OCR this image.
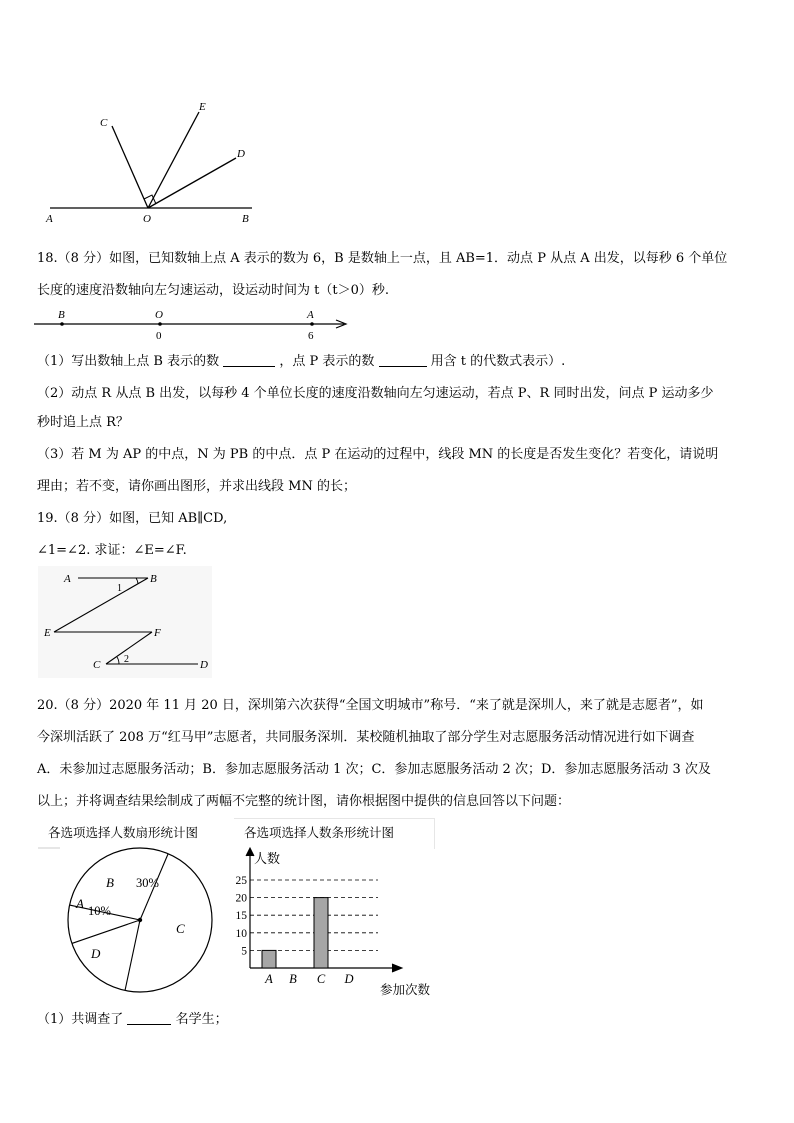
A	O	B
C
E
D
18.（8 分）如图，已知数轴上点 A 表示的数为 6，B 是数轴上一点，且 AB=1．动点 P 从点 A 出发，以每秒 6 个单位
长度的速度沿数轴向左匀速运动，设运动时间为 t（t＞0）秒.
B	O	A
0	6
（1）写出数轴上点 B 表示的数	，点 P 表示的数	用含 t 的代数式表示）.
（2）动点 R 从点 B 出发，以每秒 4 个单位长度的速度沿数轴向左匀速运动，若点 P、R 同时出发，问点 P 运动多少
秒时追上点 R？
（3）若 M 为 AP 的中点，N 为 PB 的中点．点 P 在运动的过程中，线段 MN 的长度是否发生变化？若变化，请说明
理由；若不变，请你画出图形，并求出线段 MN 的长；
19.（8 分）如图，已知 AB∥CD,
∠1=∠2. 求证：∠E=∠F.
A	B
1
E	F
C 2	D
20.（8 分）2020 年 11 月 20 日，深圳第六次获得“全国文明城市”称号．“来了就是深圳人，来了就是志愿者”，如
今深圳活跃了 208 万“红马甲”志愿者，共同服务深圳．某校随机抽取了部分学生对志愿服务活动情况进行如下调查
A．未参加过志愿服务活动；B．参加志愿服务活动 1 次；C．参加志愿服务活动 2 次；D．参加志愿服务活动 3 次及
以上；并将调查结果绘制成了两幅不完整的统计图，请你根据图中提供的信息回答以下问题：
各选项选择人数扇形统计图
A 10%
B 30%
C
D
各选项选择人数条形统计图
人数
5
10
15
20
25
A B C D
参加次数
（1）共调查了	名学生；
